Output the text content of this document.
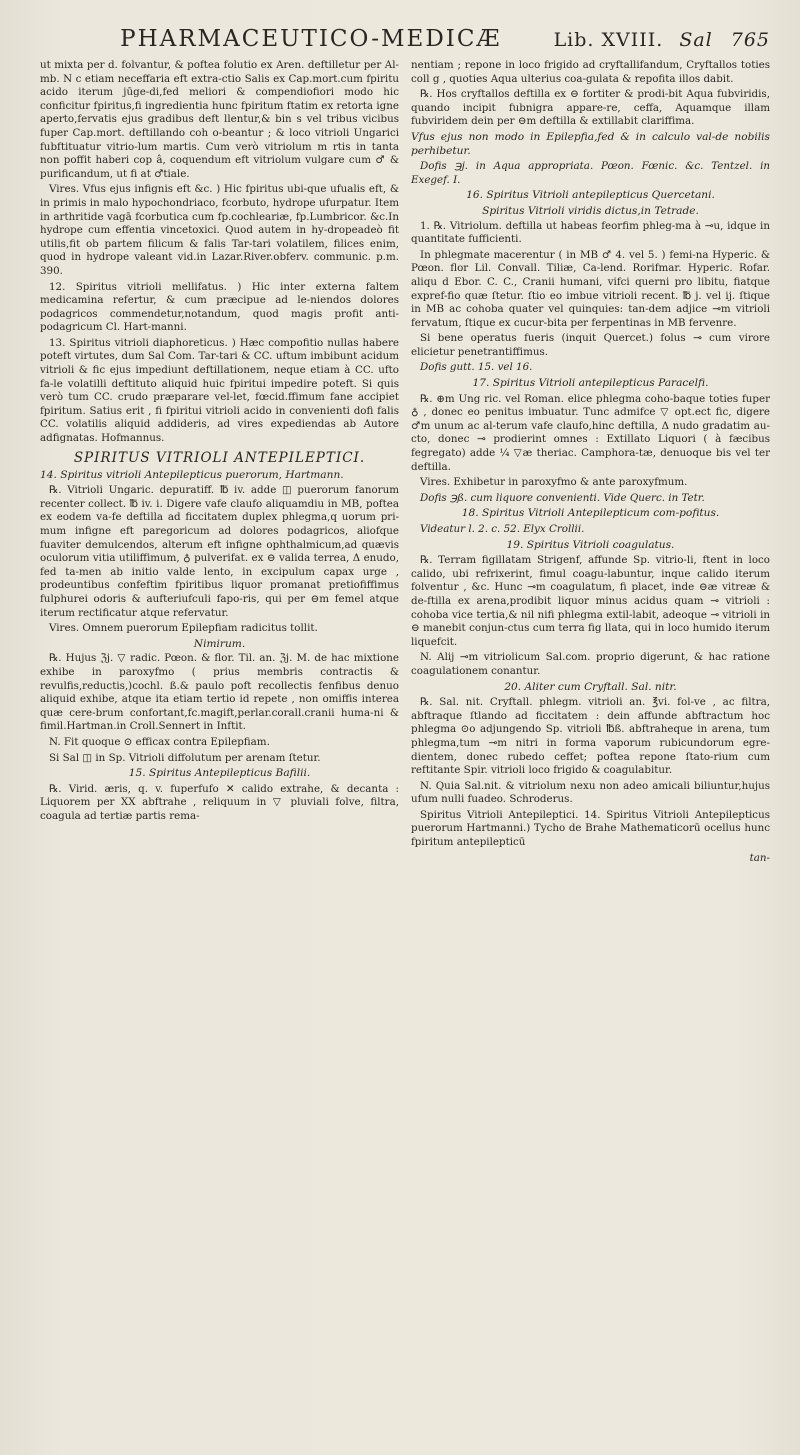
PHARMACEUTICO-MEDICÆ	Lib. XVIII. Sal 765

ut mixta per d. folvantur, & poftea folutio ex Aren. deftilletur per Al-mb. N c etiam neceffaria eft extra-ctio Salis ex Cap.mort.cum fpiritu acido iterum jūge-di,fed meliori & compendiofiori modo hic conficitur fpiritus,fi ingredientia hunc fpiritum ftatim ex retorta igne aperto,fervatis ejus gradibus deft llentur,& bin s vel tribus vicibus fuper Cap.mort. deftillando coh o-beantur ; & loco vitrioli Ungarici fubftituatur vitrio-lum martis. Cum verò vitriolum m rtis in tanta non poffit haberi cop â, coquendum eft vitriolum vulgare cum ♂ & purificandum, ut fi at ♂tiale.

Vires. Vfus ejus infignis eft &c. ) Hic fpiritus ubi-que ufualis eft, & in primis in malo hypochondriaco, fcorbuto, hydrope ufurpatur. Item in arthritide vagā fcorbutica cum fp.cochleariæ, fp.Lumbricor. &c.In hydrope cum effentia vincetoxici. Quod autem in hy-dropeadeò fit utilis,fit ob partem filicum & falis Tar-tari volatilem, filices enim, quod in hydrope valeant vid.in Lazar.River.obferv. communic. p.m. 390.

12. Spiritus vitrioli mellifatus. ) Hic inter externa faltem medicamina refertur, & cum præcipue ad le-niendos dolores podagricos commendetur,notandum, quod magis profit anti-podagricum Cl. Hart-manni.

13. Spiritus vitrioli diaphoreticus. ) Hæc compofitio nullas habere poteft virtutes, dum Sal Com. Tar-tari & CC. uftum imbibunt acidum vitrioli & fic ejus impediunt deftillationem, neque etiam à CC. ufto fa-le volatilli deftituto aliquid huic fpiritui impedire poteft. Si quis verò tum CC. crudo præparare vel-let, fœcid.ffimum fane accipiet fpiritum. Satius erit , fi fpiritui vitrioli acido in convenienti dofi falis CC. volatilis aliquid addideris, ad vires expediendas ab Autore adfignatas. Hofmannus.

SPIRITUS VITRIOLI ANTEPILEPTICI.
14. Spiritus vitrioli Antepilepticus puerorum, Hartmann.

℞. Vitrioli Ungaric. depuratiff. ℔ iv. adde ◫ puerorum fanorum recenter collect. ℔ iv. i. Digere vafe claufo aliquamdiu in MB, poftea ex eodem va-fe deftilla ad ficcitatem duplex phlegma,q uorum pri-mum infigne eft paregoricum ad dolores podagricos, aliofque fuaviter demulcendos, alterum eft infigne ophthalmicum,ad quævis oculorum vitia utiliffimum, ♁ pulverifat. ex ⊖ valida terrea, Δ enudo, fed ta-men ab initio valde lento, in excipulum capax urge , prodeuntibus confeftim fpiritibus liquor promanat pretiofiffimus fulphurei odoris & aufteriufculi fapo-ris, qui per ⊖m femel atque iterum rectificatur atque refervatur.

Vires. Omnem puerorum Epilepfiam radicitus tollit.

Nimirum.

℞. Hujus ℨj. ▽ radic. Pœon. & flor. Til. an. ℨj. M. de hac mixtione exhibe in paroxyfmo ( prius membris contractis & revulfis,reductis,)cochl. ß.& paulo poft recollectis fenfibus denuo aliquid exhibe, atque ita etiam tertio id repete , non omiffis interea quæ cere-brum confortant,fc.magift,perlar.corall.cranii huma-ni & fimil.Hartman.in Croll.Sennert in Inftit.

N. Fit quoque ⊙ efficax contra Epilepfiam.

Si Sal ◫ in Sp. Vitrioli diffolutum per arenam ſtetur.

15. Spiritus Antepilepticus Bafilii.

℞. Virid. æris, q. v. fuperfufo ✕ calido extrahe, & decanta : Liquorem per XX abftrahe , reliquum in ▽ pluviali folve, filtra, coagula ad tertiæ partis rema-

nentiam ; repone in loco frigido ad cryftallifandum, Cryftallos toties coll g , quoties Aqua ulterius coa-gulata & repofita illos dabit.

℞. Hos cryftallos deftilla ex ⊖ fortiter & prodi-bit Aqua fubviridis, quando incipit fubnigra appare-re, ceffa, Aquamque illam fubviridem dein per ⊖m deftilla & extillabit clariffima.

Vfus ejus non modo in Epilepfia,fed & in calculo val-de nobilis perhibetur.

Dofis ℈j. in Aqua appropriata. Pœon. Fœnic. &c. Tentzel. in Exegef. I.

16. Spiritus Vitrioli antepilepticus Quercetani.
Spiritus Vitrioli viridis dictus,in Tetrade.

1. ℞. Vitriolum. deftilla ut habeas feorfim phleg-ma à ⊸u, idque in quantitate fufficienti.

In phlegmate macerentur ( in MB ♂ 4. vel 5. ) femi-na Hyperic. & Pœon. flor Lil. Convall. Tiliæ, Ca-lend. Rorifmar. Hyperic. Rofar. aliqu d Ebor. C. C., Cranii humani, vifci querni pro libitu, fiatque expref-fio quæ ſtetur. ſtio eo imbue vitrioli recent. ℔ j. vel ij. ſtique in MB ac cohoba quater vel quinquies: tan-dem adjice ⊸m vitrioli fervatum, ſtique ex cucur-bita per ferpentinas in MB fervenre.

Si bene operatus fueris (inquit Quercet.) folus ⊸ cum virore elicietur penetrantiffimus.

Dofis gutt. 15. vel 16.

17. Spiritus Vitrioli antepilepticus Paracelfi.

℞. ⊕m Ung ric. vel Roman. elice phlegma coho-baque toties fuper ♁ , donec eo penitus imbuatur. Tunc admifce ▽ opt.ect fic, digere ♂m unum ac al-terum vafe claufo,hinc deftilla, Δ nudo gradatim au-cto, donec ⊸ prodierint omnes : Extillato Liquori ( à fæcibus fegregato) adde ¼ ▽æ theriac. Camphora-tæ, denuoque bis vel ter deftilla.

Vires. Exhibetur in paroxyfmo & ante paroxyfmum.

Dofis ℈ß. cum liquore convenienti. Vide Querc. in Tetr.

18. Spiritus Vitrioli Antepilepticum com-pofitus.

Videatur l. 2. c. 52. Elyx Crollii.

19. Spiritus Vitrioli coagulatus.

℞. Terram figillatam Strigenf, affunde Sp. vitrio-li, ftent in loco calido, ubi refrixerint, fimul coagu-labuntur, inque calido iterum folventur , &c. Hunc ⊸m coagulatum, fi placet, inde ⊖æ vitreæ & de-ftilla ex arena,prodibit liquor minus acidus quam ⊸ vitrioli : cohoba vice tertia,& nil nifi phlegma extil-labit, adeoque ⊸ vitrioli in ⊖ manebit conjun-ctus cum terra fig llata, qui in loco humido iterum liquefcit.

N. Alij ⊸m vitriolicum Sal.com. proprio digerunt, & hac ratione coagulationem conantur.

20. Aliter cum Cryftall. Sal. nitr.

℞. Sal. nit. Cryftall. phlegm. vitrioli an. ℥vi. fol-ve , ac filtra, abftraque ſtlando ad ficcitatem : dein affunde abftractum hoc phlegma ⊙o adjungendo Sp. vitrioli ℔ß. abftraheque in arena, tum phlegma,tum ⊸m nitri in forma vaporum rubicundorum egre-dientem, donec rubedo ceffet; poftea repone ſtato-rium cum reftitante Spir. vitrioli loco frigido & coagulabitur.

N. Quia Sal.nit. & vitriolum nexu non adeo amicali biliuntur,hujus ufum nulli fuadeo. Schroderus.

Spiritus Vitrioli Antepileptici. 14. Spiritus Vitrioli Antepilepticus puerorum Hartmanni.) Tycho de Brahe Mathematicorū ocellus hunc fpiritum antepilepticū

tan-
